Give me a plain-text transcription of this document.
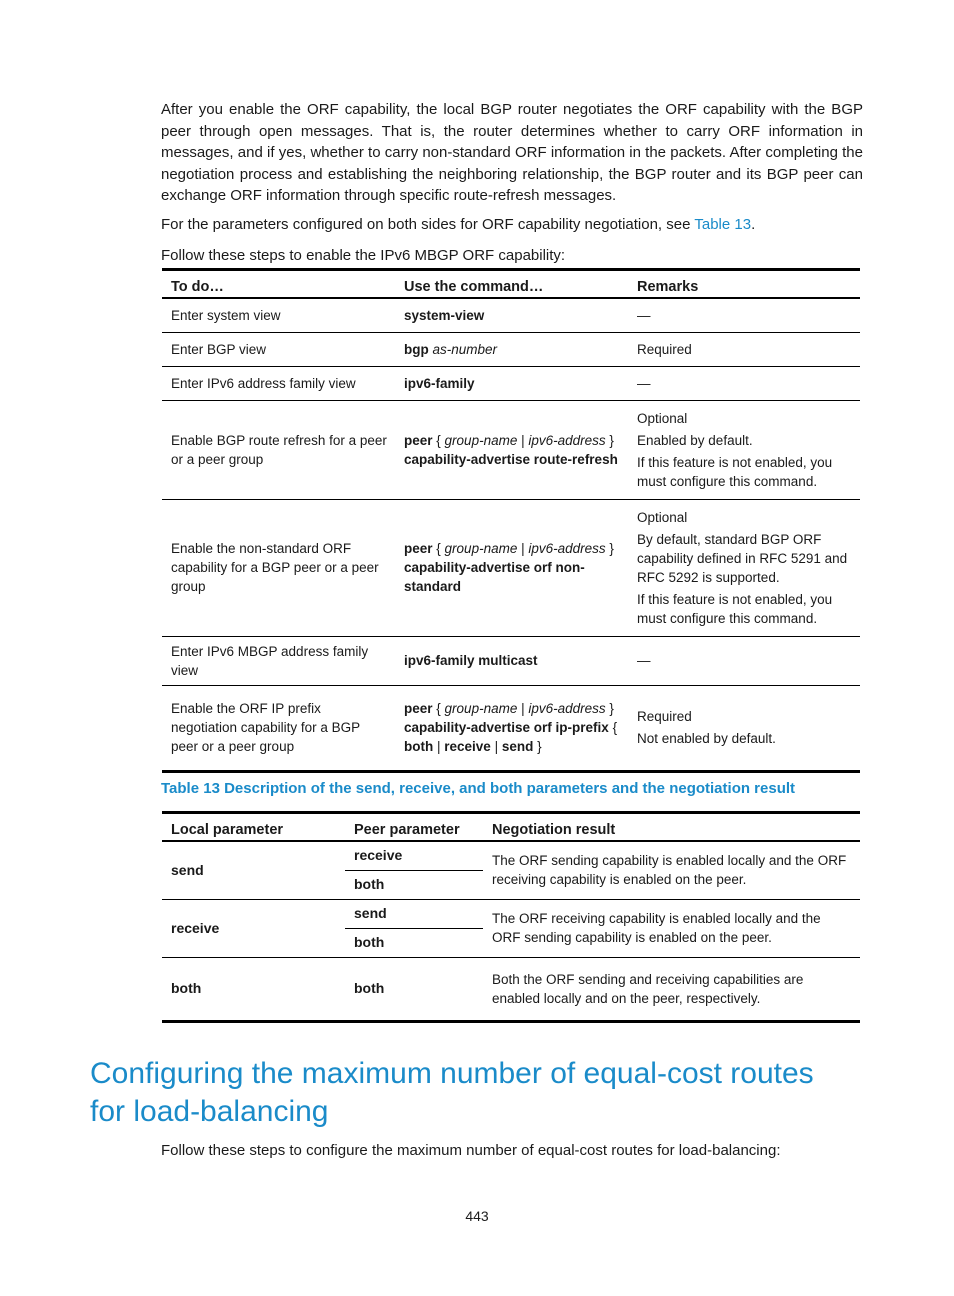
After you enable the ORF capability, the local BGP router negotiates the ORF capability with the BGP peer through open messages. That is, the router determines whether to carry ORF information in messages, and if yes, whether to carry non-standard ORF information in the packets. After completing the negotiation process and establishing the neighboring relationship, the BGP router and its BGP peer can exchange ORF information through specific route-refresh messages.

For the parameters configured on both sides for ORF capability negotiation, see Table 13.

Follow these steps to enable the IPv6 MBGP ORF capability:

To do…	Use the command…	Remarks
Enter system view	system-view	—

Enter BGP view	bgp as-number	Required

Enter IPv6 address family view	ipv6-family	—

Enable BGP route refresh for a peer or a peer group	peer { group-name | ipv6-address } capability-advertise route-refresh	Optional
Enabled by default.
If this feature is not enabled, you must configure this command.

Enable the non-standard ORF capability for a BGP peer or a peer group	peer { group-name | ipv6-address } capability-advertise orf non-standard	Optional
By default, standard BGP ORF capability defined in RFC 5291 and RFC 5292 is supported.
If this feature is not enabled, you must configure this command.

Enter IPv6 MBGP address family view	ipv6-family multicast	—

Enable the ORF IP prefix negotiation capability for a BGP peer or a peer group	peer { group-name | ipv6-address } capability-advertise orf ip-prefix { both | receive | send }	Required
Not enabled by default.

Table 13 Description of the send, receive, and both parameters and the negotiation result

Local parameter	Peer parameter	Negotiation result
send	receive	The ORF sending capability is enabled locally and the ORF receiving capability is enabled on the peer.
	both	
receive	send	The ORF receiving capability is enabled locally and the ORF sending capability is enabled on the peer.
	both	
both	both	Both the ORF sending and receiving capabilities are enabled locally and on the peer, respectively.
Configuring the maximum number of equal-cost routes for load-balancing

Follow these steps to configure the maximum number of equal-cost routes for load-balancing:

443
